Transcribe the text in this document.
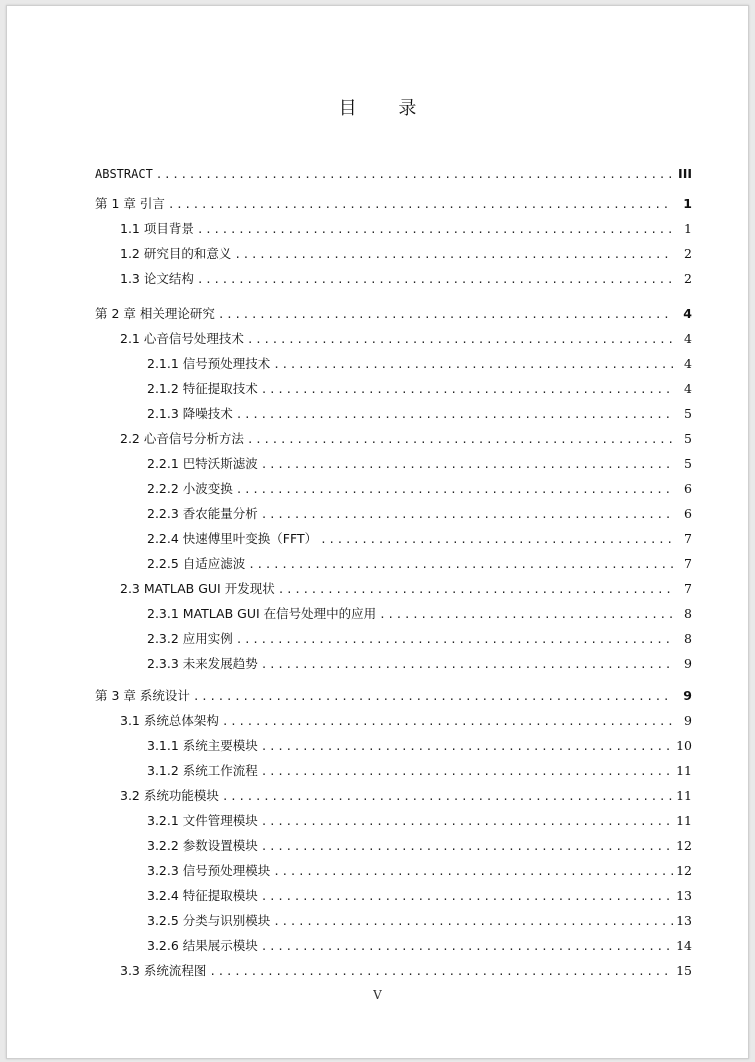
目 录
ABSTRACT . . .	III
第 1 章 引言 . . .	1
1.1 项目背景 . . .	1
1.2 研究目的和意义 . . .	2
1.3 论文结构 . . .	2
第 2 章 相关理论研究 . . .	4
2.1 心音信号处理技术 . . .	4
2.1.1 信号预处理技术 . . .	4
2.1.2 特征提取技术 . . .	4
2.1.3 降噪技术 . . .	5
2.2 心音信号分析方法 . . .	5
2.2.1 巴特沃斯滤波 . . .	5
2.2.2 小波变换 . . .	6
2.2.3 香农能量分析 . . .	6
2.2.4 快速傅里叶变换（FFT） . . .	7
2.2.5 自适应滤波 . . .	7
2.3 MATLAB GUI 开发现状 . . .	7
2.3.1 MATLAB GUI 在信号处理中的应用 . . .	8
2.3.2 应用实例 . . .	8
2.3.3 未来发展趋势 . . .	9
第 3 章 系统设计 . . .	9
3.1 系统总体架构 . . .	9
3.1.1 系统主要模块 . . .	10
3.1.2 系统工作流程 . . .	11
3.2 系统功能模块 . . .	11
3.2.1 文件管理模块 . . .	11
3.2.2 参数设置模块 . . .	12
3.2.3 信号预处理模块 . . .	12
3.2.4 特征提取模块 . . .	13
3.2.5 分类与识别模块 . . .	13
3.2.6 结果展示模块 . . .	14
3.3 系统流程图 . . .	15
V
